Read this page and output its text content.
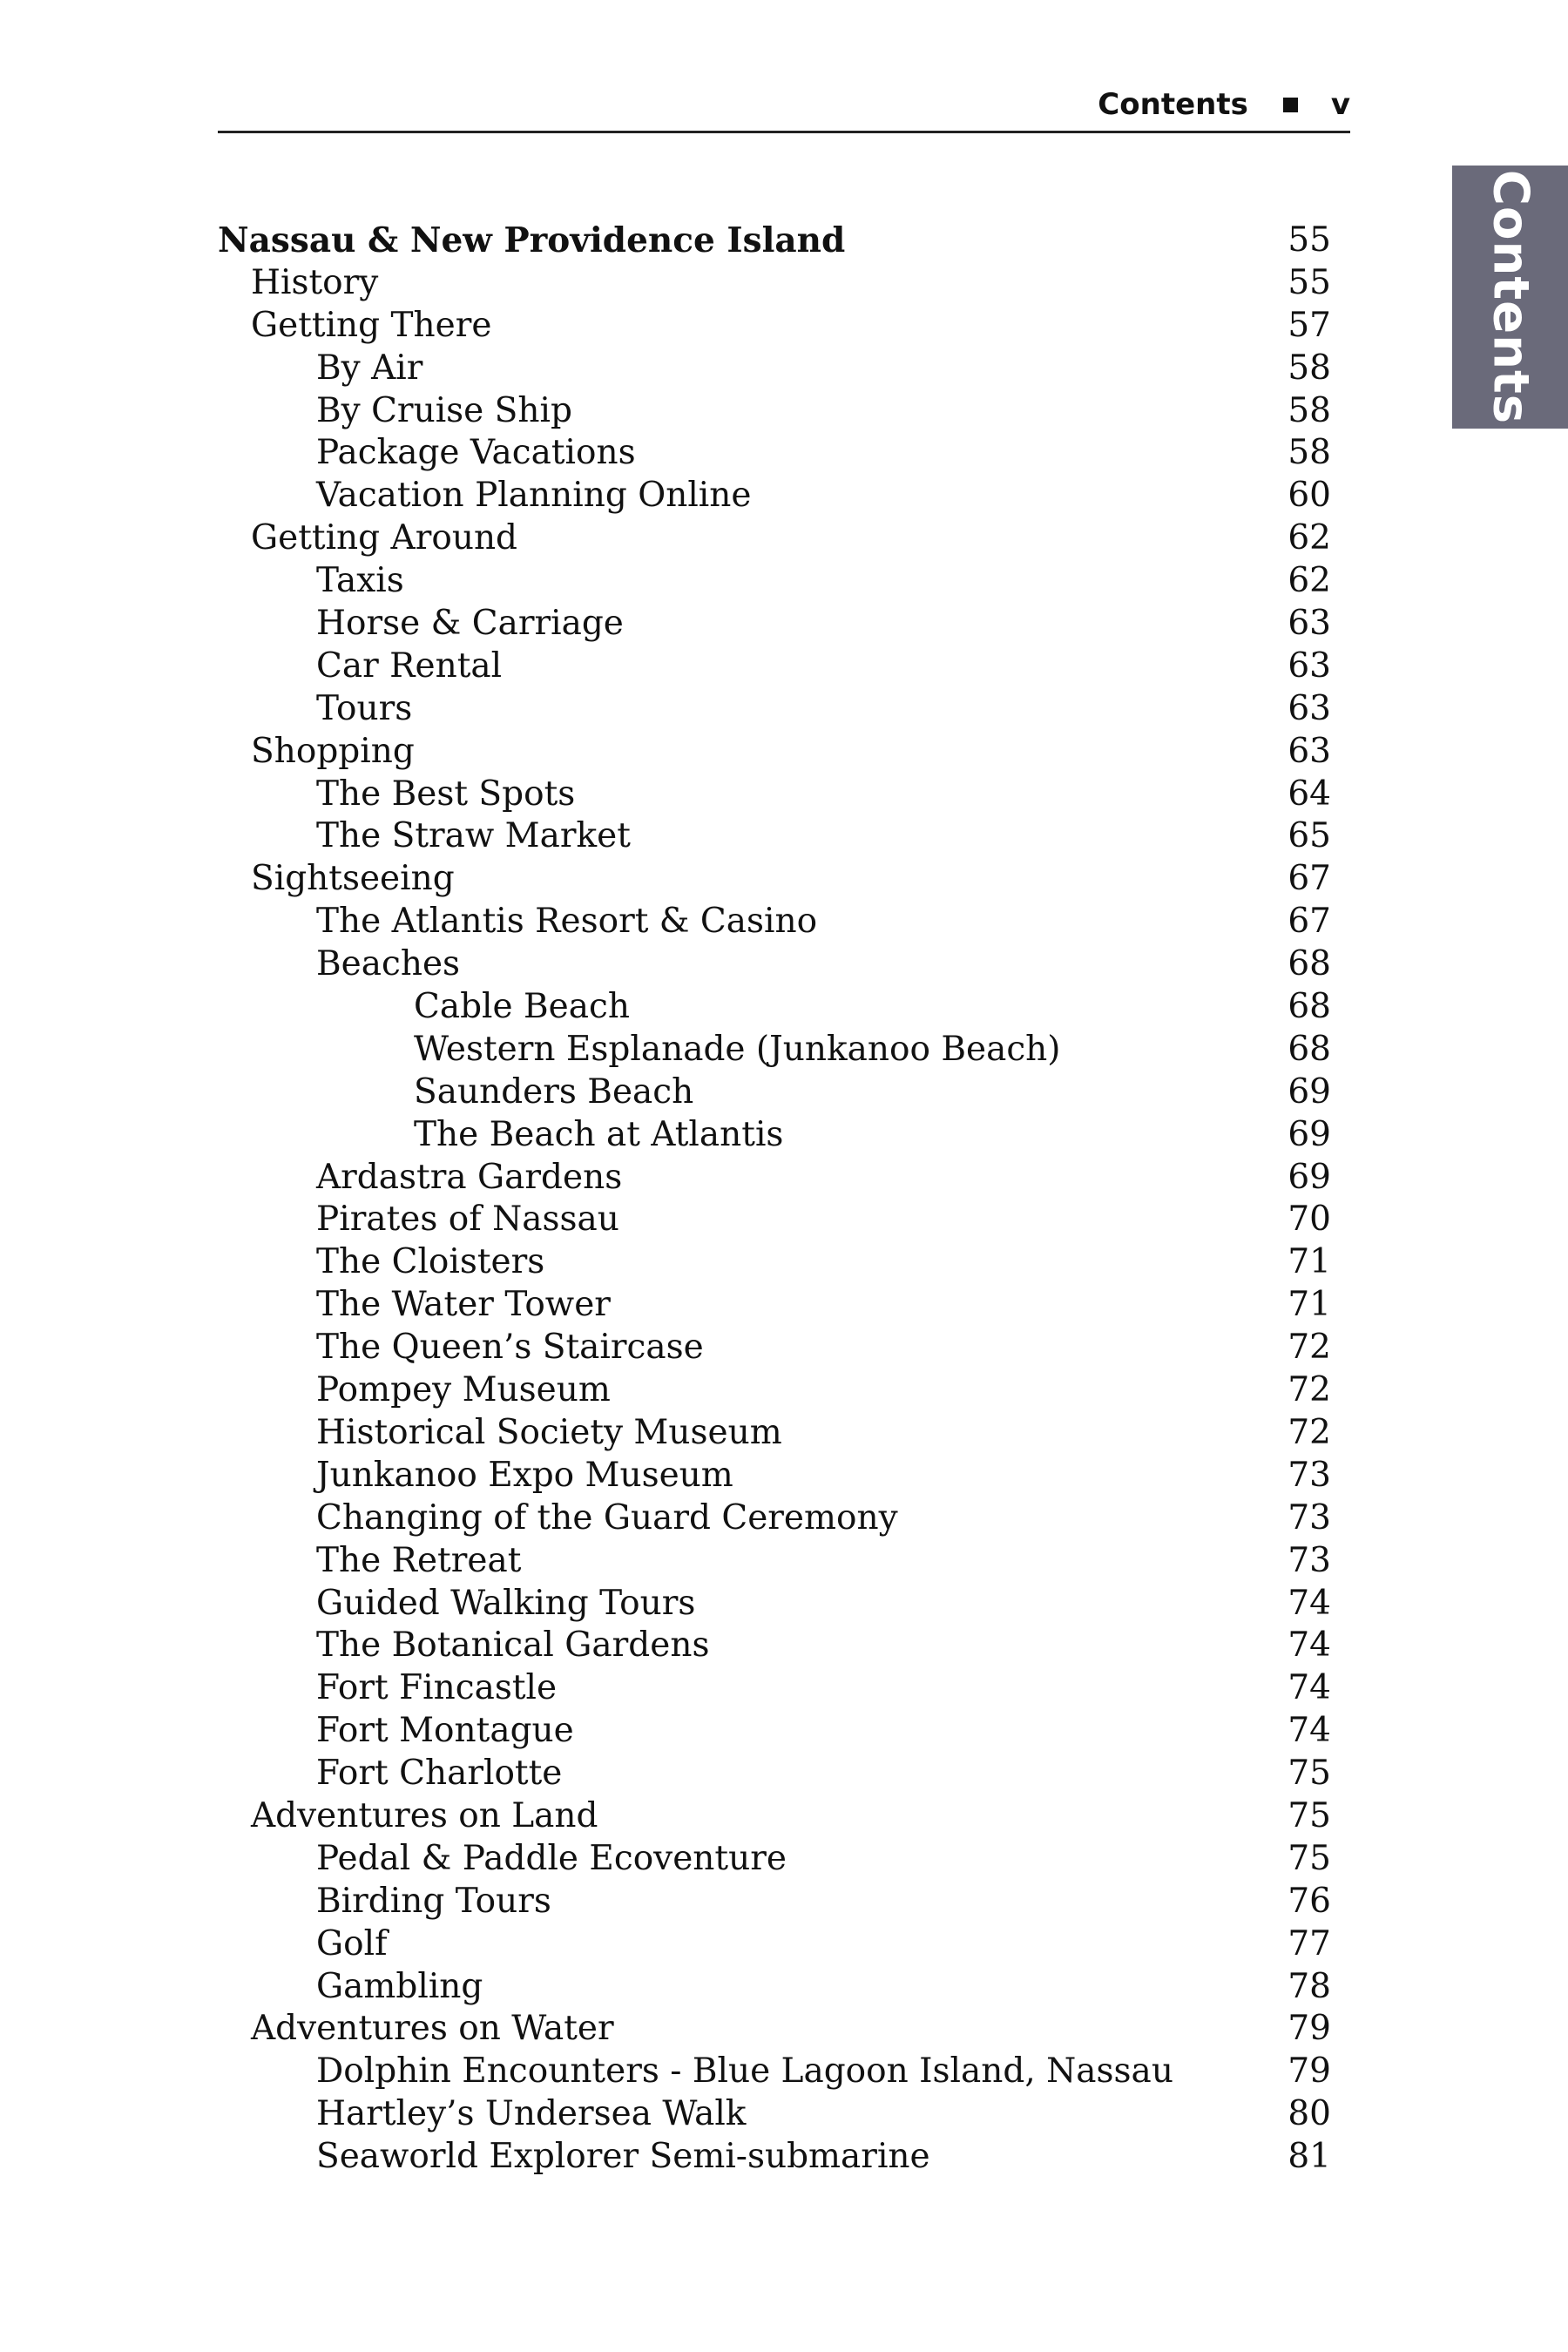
Contents	v
Contents
Nassau & New Providence Island	55
History	55
Getting There	57
By Air	58
By Cruise Ship	58
Package Vacations	58
Vacation Planning Online	60
Getting Around	62
Taxis	62
Horse & Carriage	63
Car Rental	63
Tours	63
Shopping	63
The Best Spots	64
The Straw Market	65
Sightseeing	67
The Atlantis Resort & Casino	67
Beaches	68
Cable Beach	68
Western Esplanade (Junkanoo Beach)	68
Saunders Beach	69
The Beach at Atlantis	69
Ardastra Gardens	69
Pirates of Nassau	70
The Cloisters	71
The Water Tower	71
The Queen’s Staircase	72
Pompey Museum	72
Historical Society Museum	72
Junkanoo Expo Museum	73
Changing of the Guard Ceremony	73
The Retreat	73
Guided Walking Tours	74
The Botanical Gardens	74
Fort Fincastle	74
Fort Montague	74
Fort Charlotte	75
Adventures on Land	75
Pedal & Paddle Ecoventure	75
Birding Tours	76
Golf	77
Gambling	78
Adventures on Water	79
Dolphin Encounters - Blue Lagoon Island, Nassau	79
Hartley’s Undersea Walk	80
Seaworld Explorer Semi-submarine	81
